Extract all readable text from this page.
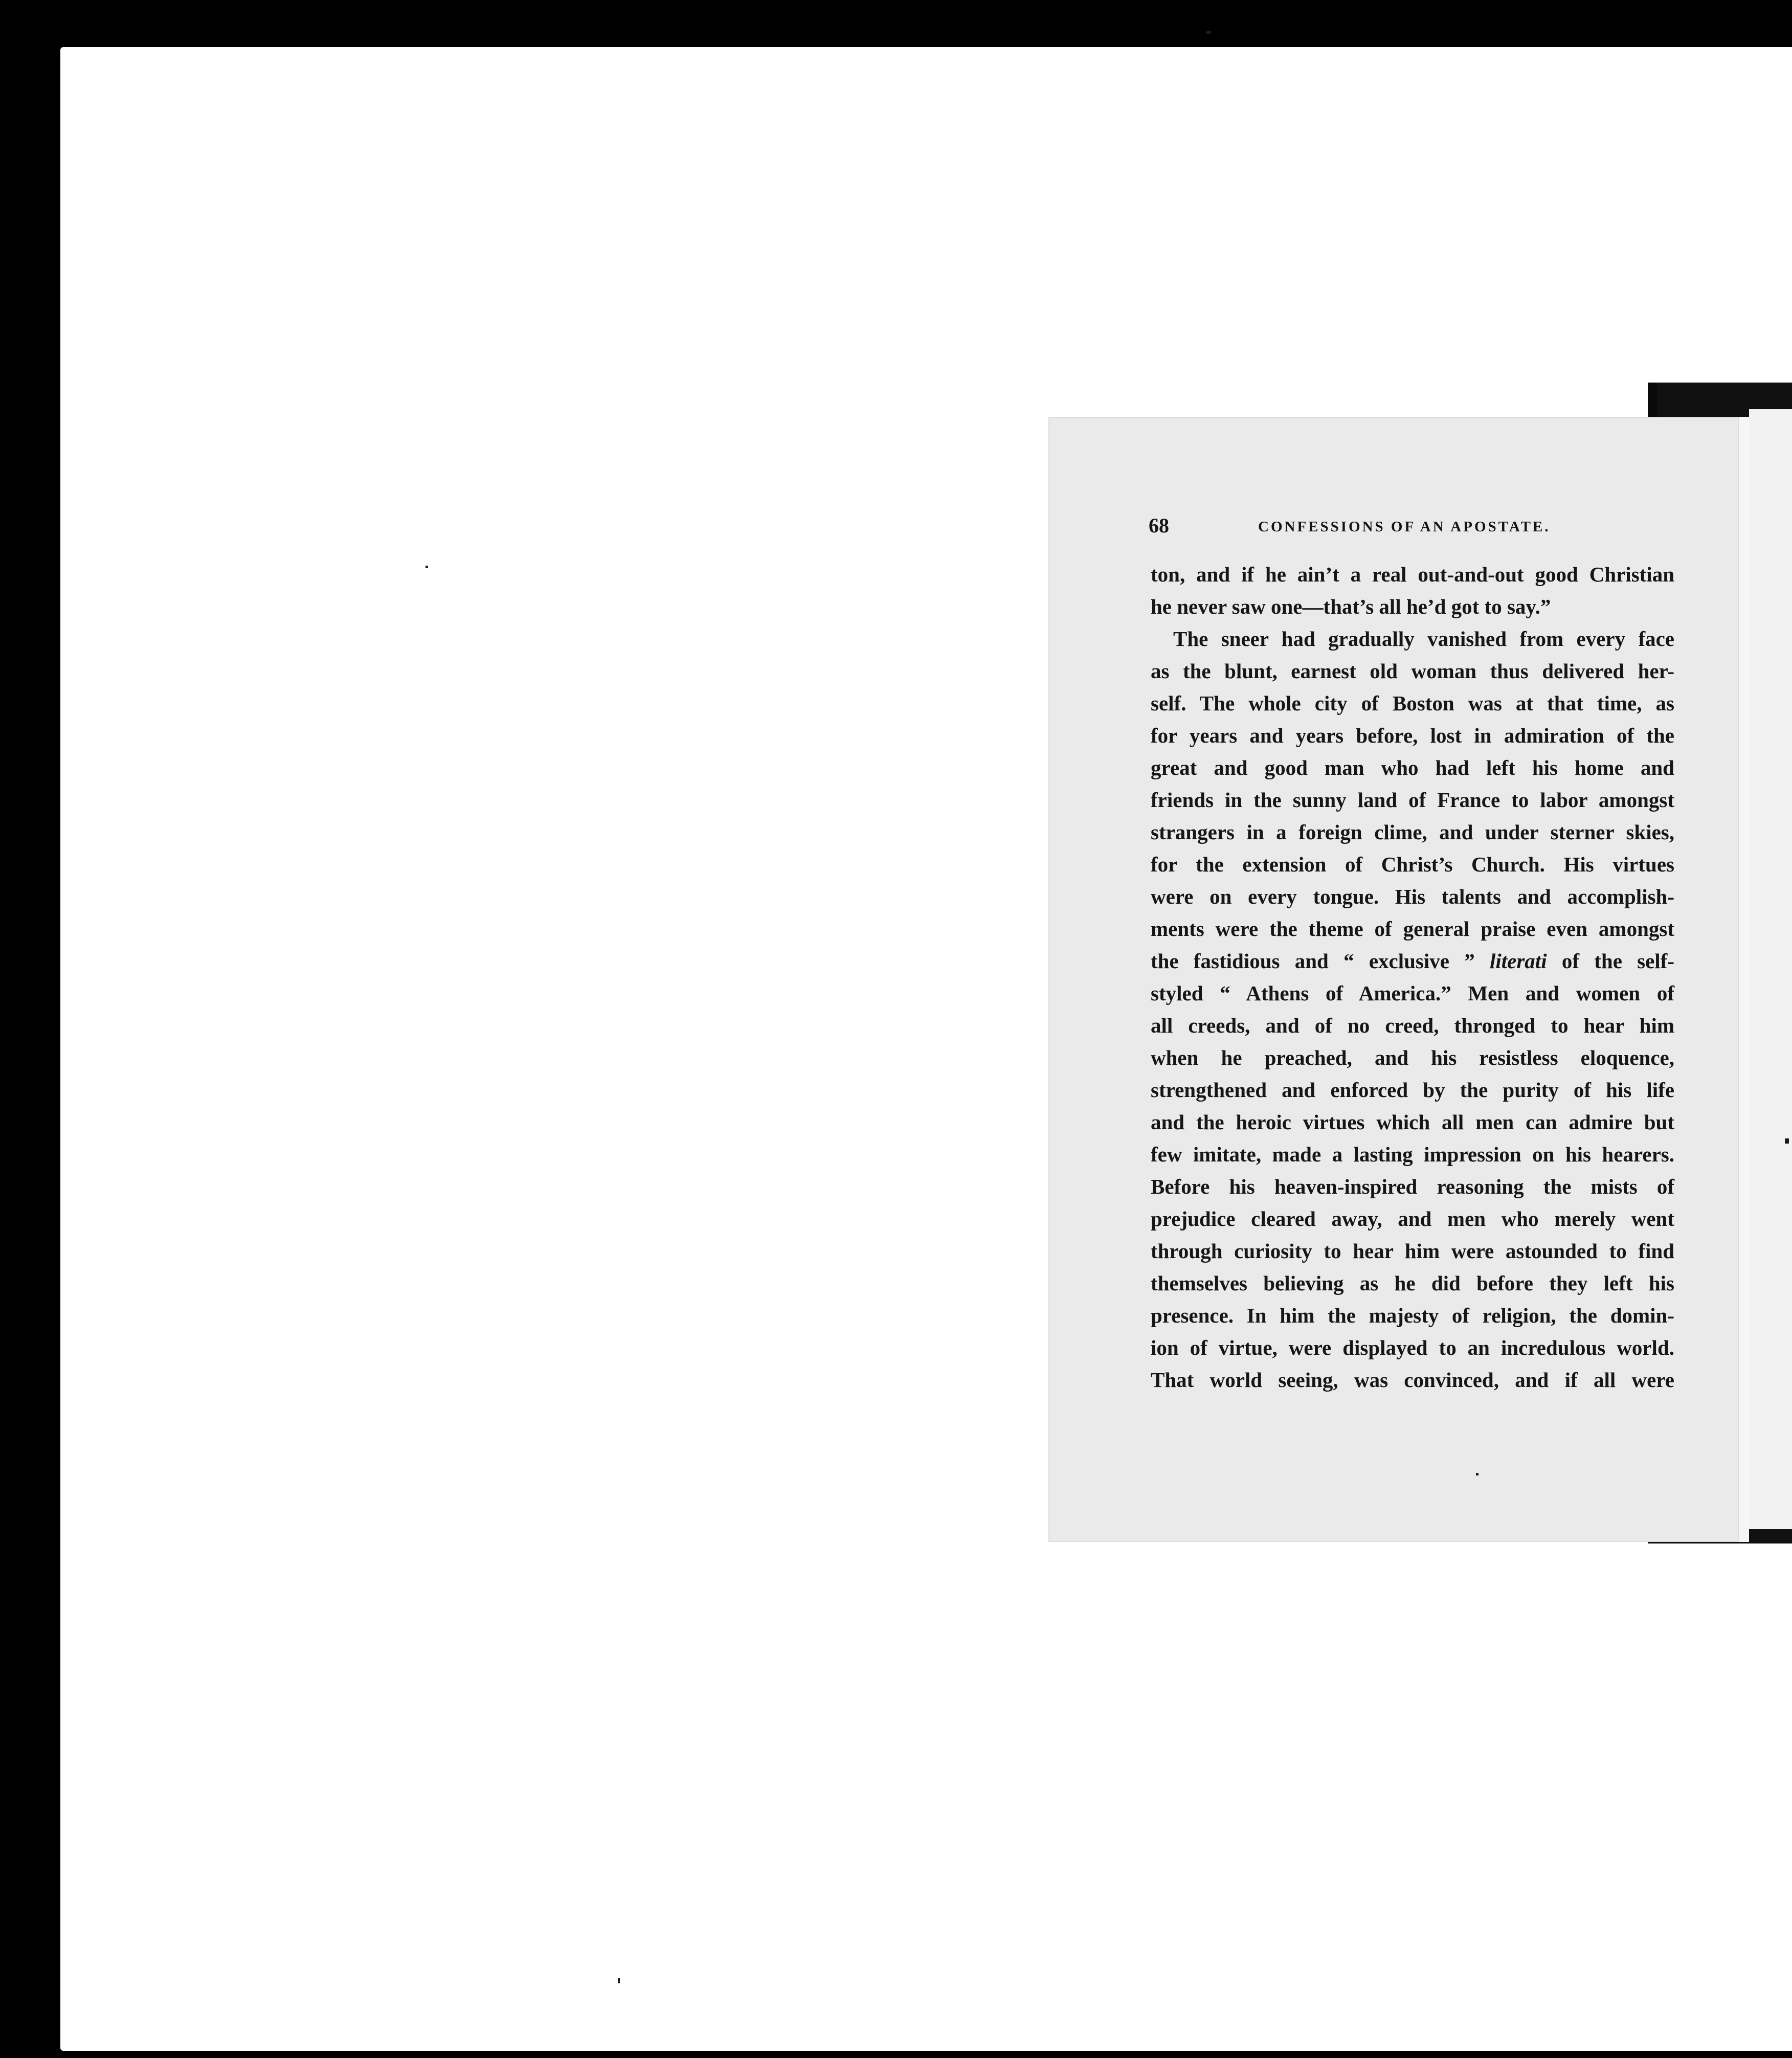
68	CONFESSIONS OF AN APOSTATE.
ton, and if he ain’t a real out-and-out good Christian
he never saw one—that’s all he’d got to say.”
The sneer had gradually vanished from every face
as the blunt, earnest old woman thus delivered her-
self. The whole city of Boston was at that time, as
for years and years before, lost in admiration of the
great and good man who had left his home and
friends in the sunny land of France to labor amongst
strangers in a foreign clime, and under sterner skies,
for the extension of Christ’s Church. His virtues
were on every tongue. His talents and accomplish-
ments were the theme of general praise even amongst
the fastidious and “ exclusive ” literati of the self-
styled “ Athens of America.” Men and women of
all creeds, and of no creed, thronged to hear him
when he preached, and his resistless eloquence,
strengthened and enforced by the purity of his life
and the heroic virtues which all men can admire but
few imitate, made a lasting impression on his hearers.
Before his heaven-inspired reasoning the mists of
prejudice cleared away, and men who merely went
through curiosity to hear him were astounded to find
themselves believing as he did before they left his
presence. In him the majesty of religion, the domin-
ion of virtue, were displayed to an incredulous world.
That world seeing, was convinced, and if all were
